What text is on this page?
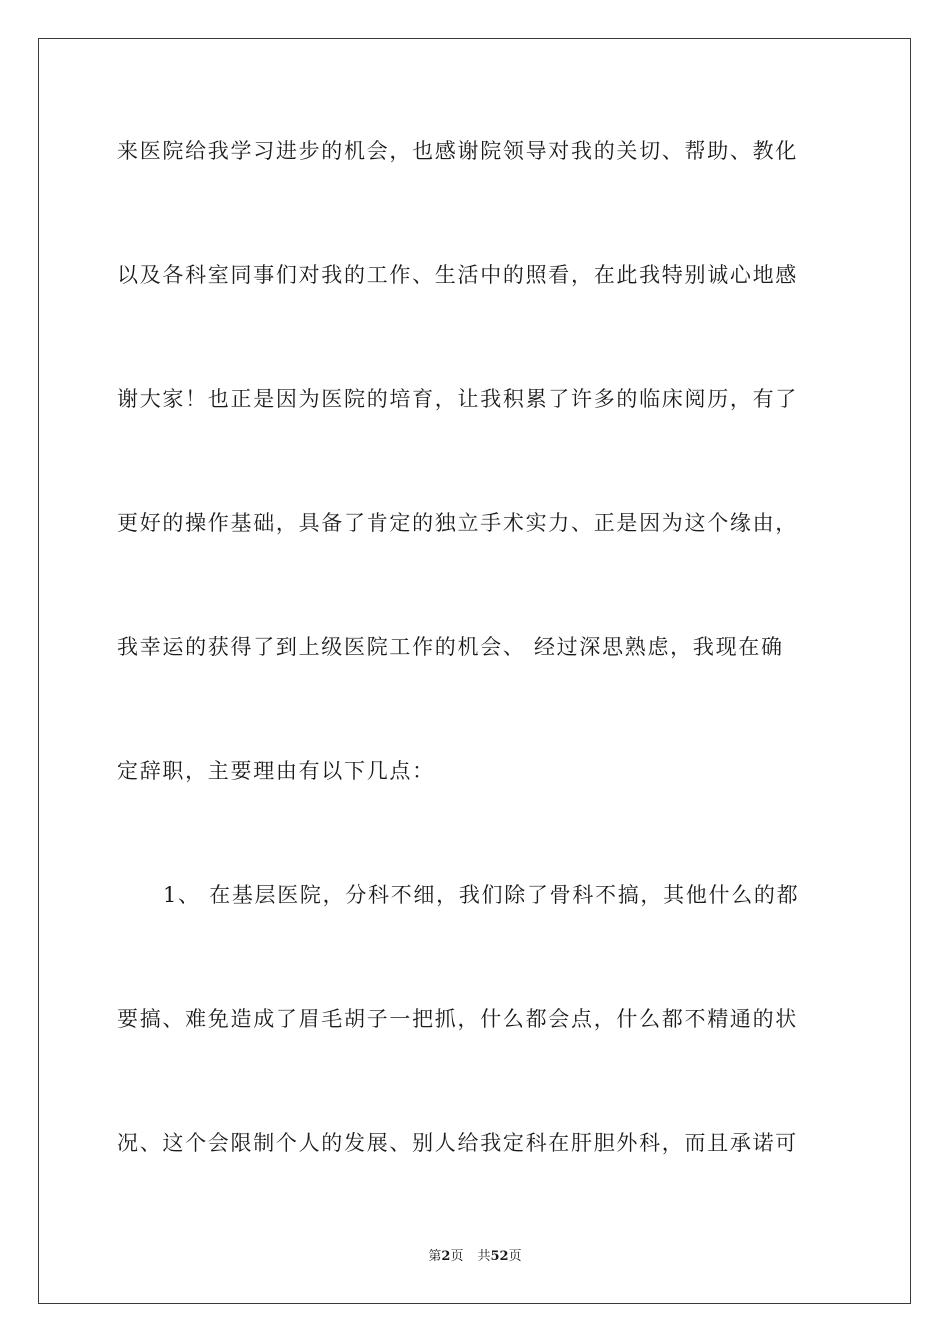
来医院给我学习进步的机会，也感谢院领导对我的关切、帮助、教化
以及各科室同事们对我的工作、生活中的照看，在此我特别诚心地感
谢大家！也正是因为医院的培育，让我积累了许多的临床阅历，有了
更好的操作基础，具备了肯定的独立手术实力、正是因为这个缘由，
我幸运的获得了到上级医院工作的机会、 经过深思熟虑，我现在确
定辞职，主要理由有以下几点：
1、 在基层医院，分科不细，我们除了骨科不搞，其他什么的都
要搞、难免造成了眉毛胡子一把抓，什么都会点，什么都不精通的状
况、这个会限制个人的发展、别人给我定科在肝胆外科，而且承诺可
第2页 共52页
